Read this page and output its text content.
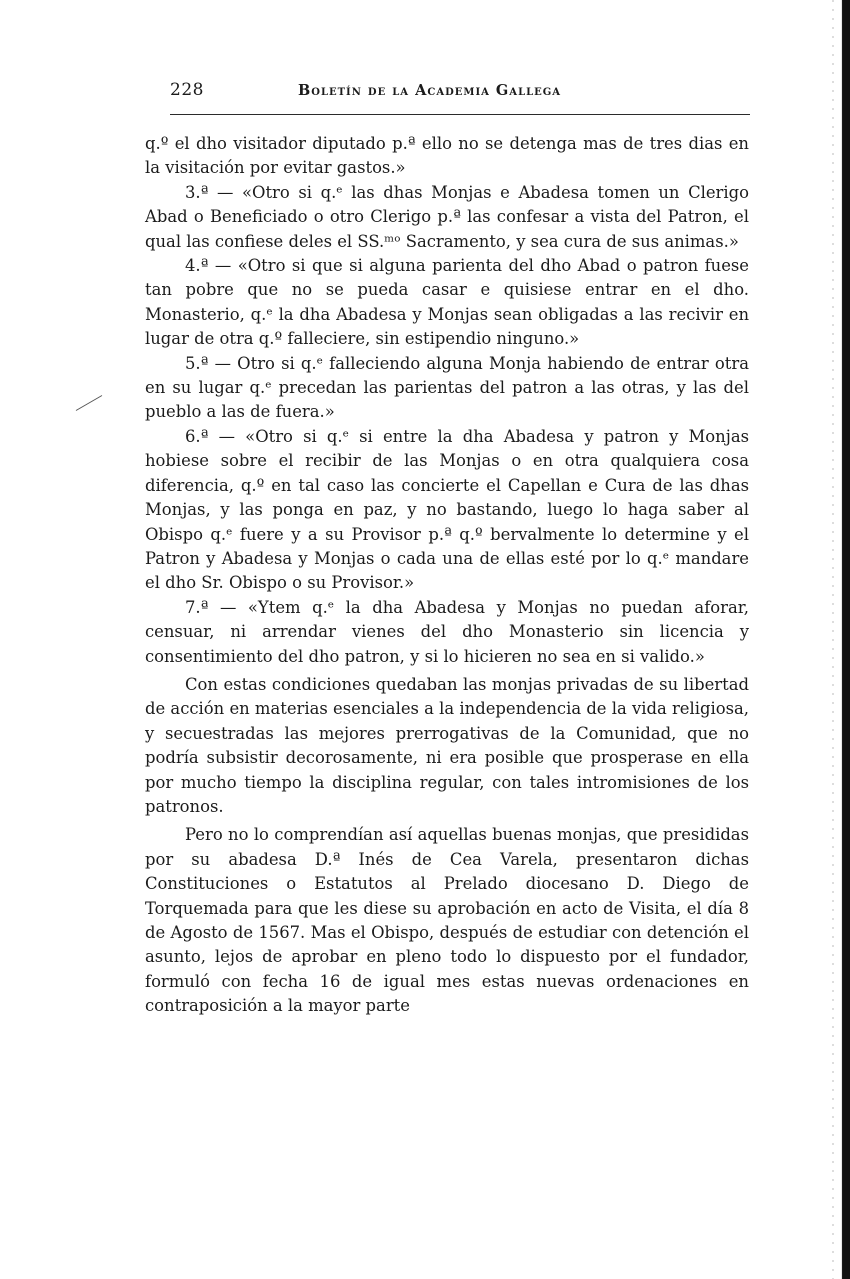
228	Boletín de la Academia Gallega

q.º el dho visitador diputado p.ª ello no se detenga mas de tres dias en la visitación por evitar gastos.»

3.ª — «Otro si q.ᵉ las dhas Monjas e Abadesa tomen un Clerigo Abad o Beneficiado o otro Clerigo p.ª las confesar a vista del Patron, el qual las confiese deles el SS.ᵐᵒ Sacramento, y sea cura de sus animas.»

4.ª — «Otro si que si alguna parienta del dho Abad o patron fuese tan pobre que no se pueda casar e quisiese entrar en el dho. Monasterio, q.ᵉ la dha Abadesa y Monjas sean obligadas a las recivir en lugar de otra q.º falleciere, sin estipendio ninguno.»

5.ª — Otro si q.ᵉ falleciendo alguna Monja habiendo de entrar otra en su lugar q.ᵉ precedan las parientas del patron a las otras, y las del pueblo a las de fuera.»

6.ª — «Otro si q.ᵉ si entre la dha Abadesa y patron y Monjas hobiese sobre el recibir de las Monjas o en otra qualquiera cosa diferencia, q.º en tal caso las concierte el Capellan e Cura de las dhas Monjas, y las ponga en paz, y no bastando, luego lo haga saber al Obispo q.ᵉ fuere y a su Provisor p.ª q.º bervalmente lo determine y el Patron y Abadesa y Monjas o cada una de ellas esté por lo q.ᵉ mandare el dho Sr. Obispo o su Provisor.»

7.ª — «Ytem q.ᵉ la dha Abadesa y Monjas no puedan aforar, censuar, ni arrendar vienes del dho Monasterio sin licencia y consentimiento del dho patron, y si lo hicieren no sea en si valido.»

Con estas condiciones quedaban las monjas privadas de su libertad de acción en materias esenciales a la independencia de la vida religiosa, y secuestradas las mejores prerrogativas de la Comunidad, que no podría subsistir decorosamente, ni era posible que prosperase en ella por mucho tiempo la disciplina regular, con tales intromisiones de los patronos.

Pero no lo comprendían así aquellas buenas monjas, que presididas por su abadesa D.ª Inés de Cea Varela, presentaron dichas Constituciones o Estatutos al Prelado diocesano D. Diego de Torquemada para que les diese su aprobación en acto de Visita, el día 8 de Agosto de 1567. Mas el Obispo, después de estudiar con detención el asunto, lejos de aprobar en pleno todo lo dispuesto por el fundador, formuló con fecha 16 de igual mes estas nuevas ordenaciones en contraposición a la mayor parte
